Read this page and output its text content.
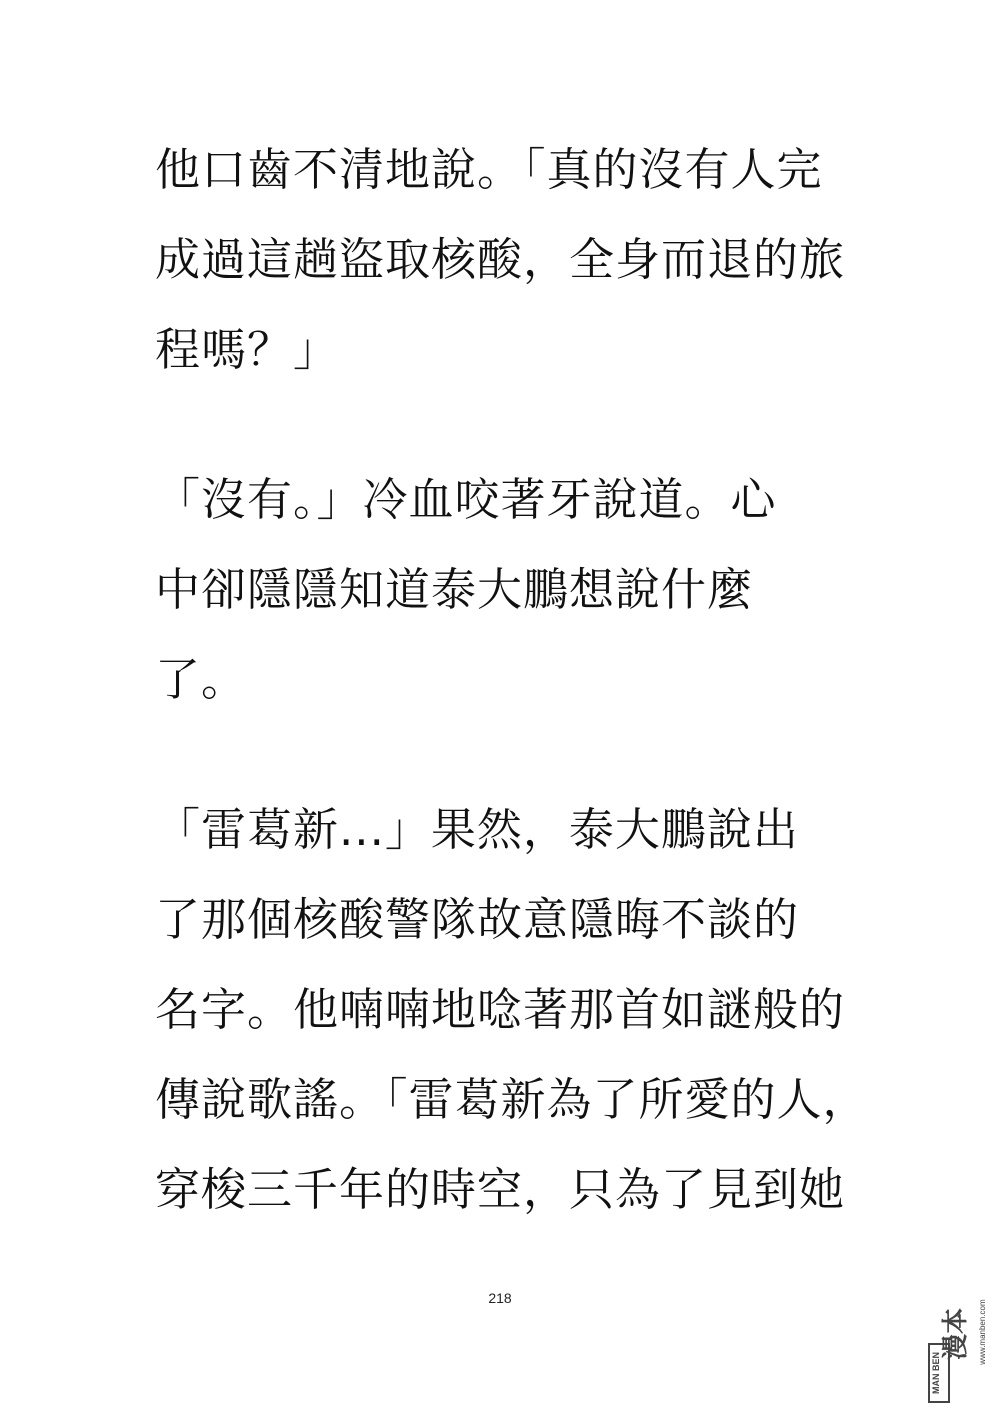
他口齒不清地說。「真的沒有人完
成過這趟盜取核酸，全身而退的旅
程嗎？」
「沒有。」冷血咬著牙說道。心
中卻隱隱知道泰大鵬想說什麼
了。
「雷葛新...」果然，泰大鵬說出
了那個核酸警隊故意隱晦不談的
名字。他喃喃地唸著那首如謎般的
傳說歌謠。「雷葛新為了所愛的人，
穿梭三千年的時空，只為了見到她
218
MAN BEN
漫本 www.manben.com
